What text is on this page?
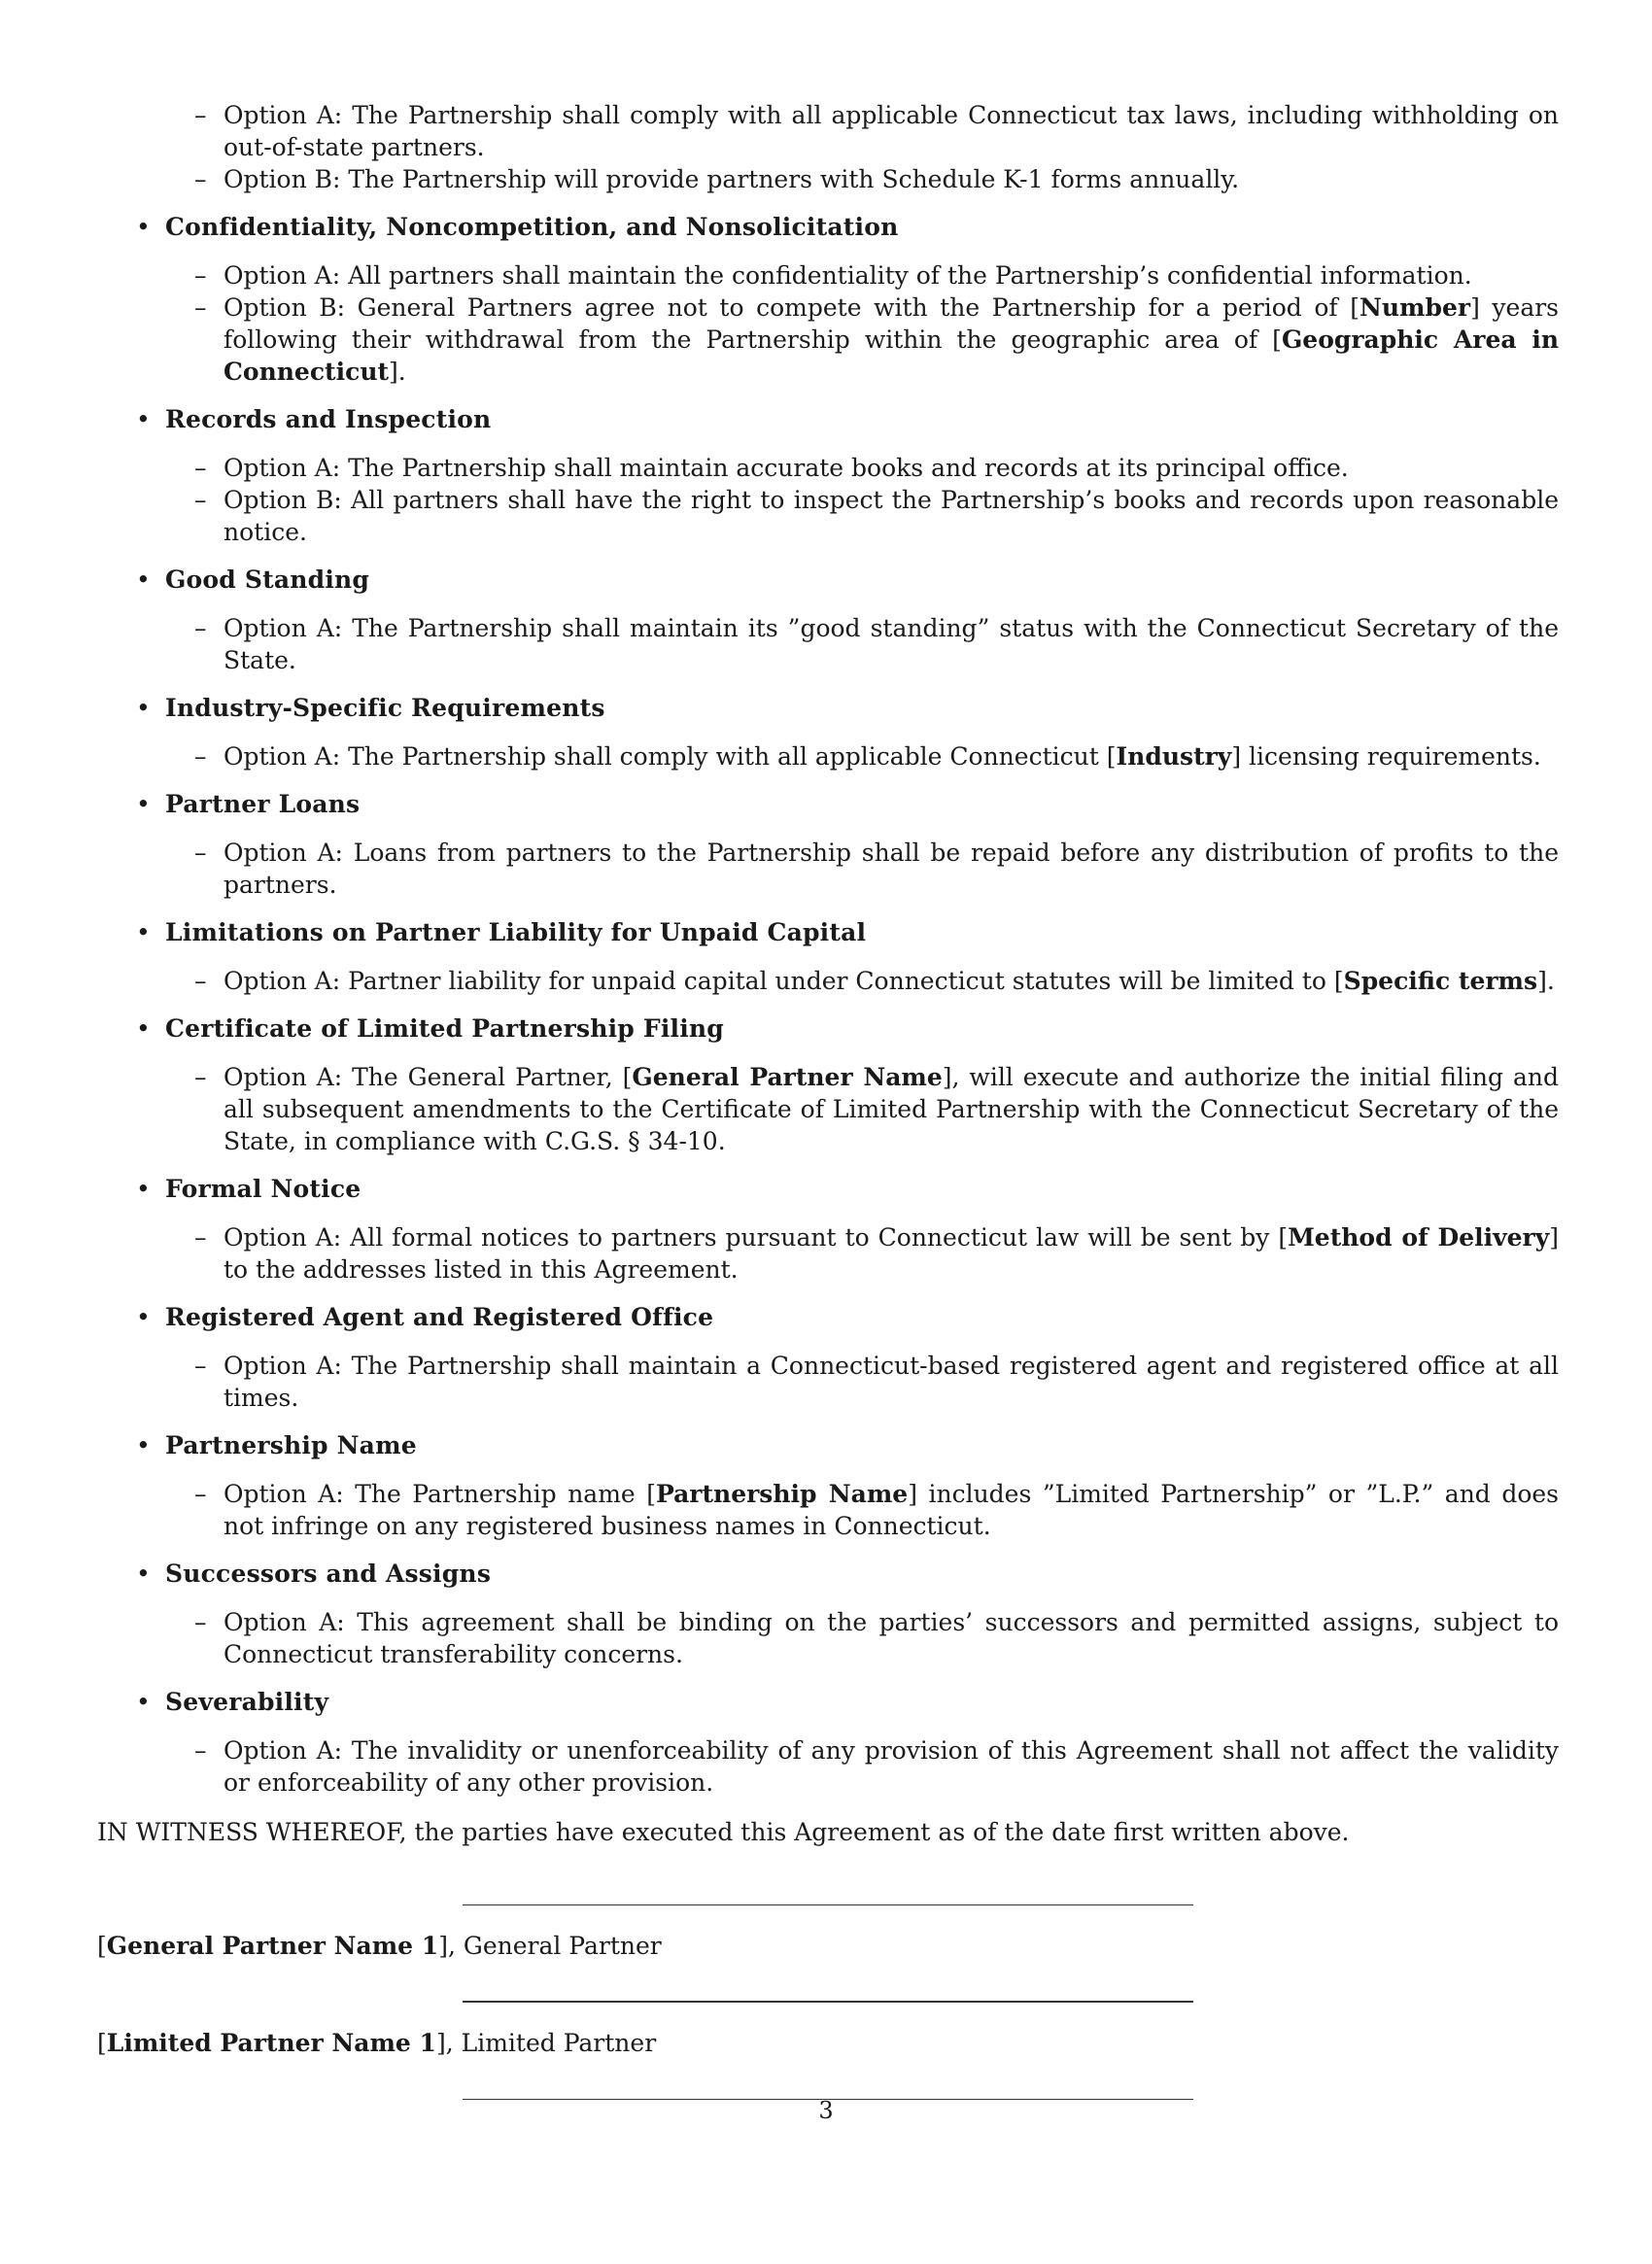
– Option A: The Partnership shall comply with all applicable Connecticut tax laws, including withholding on out-of-state partners.
– Option B: The Partnership will provide partners with Schedule K-1 forms annually.
• Confidentiality, Noncompetition, and Nonsolicitation
– Option A: All partners shall maintain the confidentiality of the Partnership’s confidential information.
– Option B: General Partners agree not to compete with the Partnership for a period of [Number] years following their withdrawal from the Partnership within the geographic area of [Geographic Area in Connecticut].
• Records and Inspection
– Option A: The Partnership shall maintain accurate books and records at its principal office.
– Option B: All partners shall have the right to inspect the Partnership’s books and records upon reasonable notice.
• Good Standing
– Option A: The Partnership shall maintain its ”good standing” status with the Connecticut Secretary of the State.
• Industry-Specific Requirements
– Option A: The Partnership shall comply with all applicable Connecticut [Industry] licensing requirements.
• Partner Loans
– Option A: Loans from partners to the Partnership shall be repaid before any distribution of profits to the partners.
• Limitations on Partner Liability for Unpaid Capital
– Option A: Partner liability for unpaid capital under Connecticut statutes will be limited to [Specific terms].
• Certificate of Limited Partnership Filing
– Option A: The General Partner, [General Partner Name], will execute and authorize the initial filing and all subsequent amendments to the Certificate of Limited Partnership with the Connecticut Secretary of the State, in compliance with C.G.S. § 34-10.
• Formal Notice
– Option A: All formal notices to partners pursuant to Connecticut law will be sent by [Method of Delivery] to the addresses listed in this Agreement.
• Registered Agent and Registered Office
– Option A: The Partnership shall maintain a Connecticut-based registered agent and registered office at all times.
• Partnership Name
– Option A: The Partnership name [Partnership Name] includes ”Limited Partnership” or ”L.P.” and does not infringe on any registered business names in Connecticut.
• Successors and Assigns
– Option A: This agreement shall be binding on the parties’ successors and permitted assigns, subject to Connecticut transferability concerns.
• Severability
– Option A: The invalidity or unenforceability of any provision of this Agreement shall not affect the validity or enforceability of any other provision.
IN WITNESS WHEREOF, the parties have executed this Agreement as of the date first written above.
[General Partner Name 1], General Partner
[Limited Partner Name 1], Limited Partner
3
